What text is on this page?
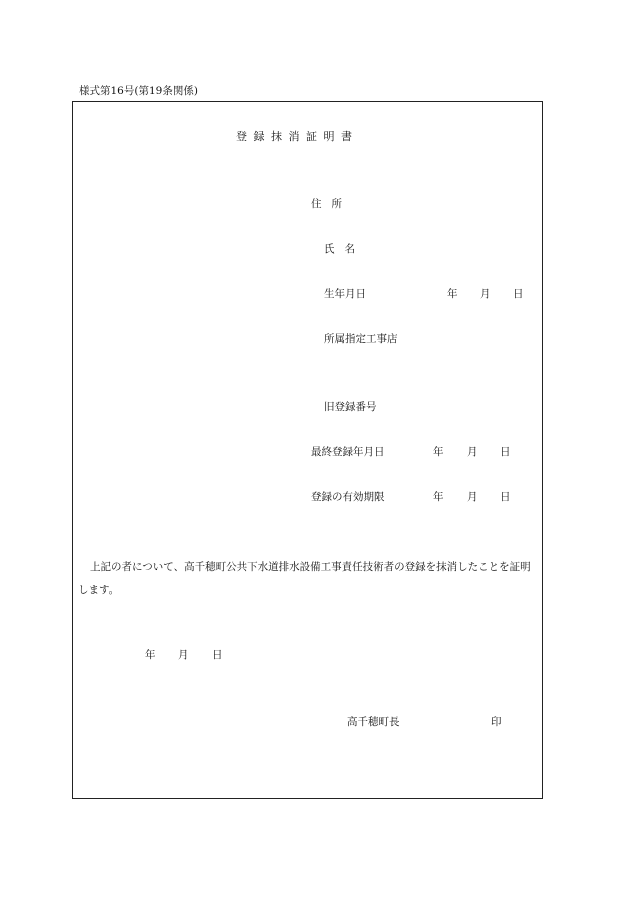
様式第16号(第19条関係)
登録抹消証明書
住所
氏名
生年月日	年 月 日
所属指定工事店
旧登録番号
最終登録年月日	年 月 日
登録の有効期限	年 月 日
上記の者について、高千穂町公共下水道排水設備工事責任技術者の登録を抹消したことを証明します。
年 月 日
高千穂町長	印
